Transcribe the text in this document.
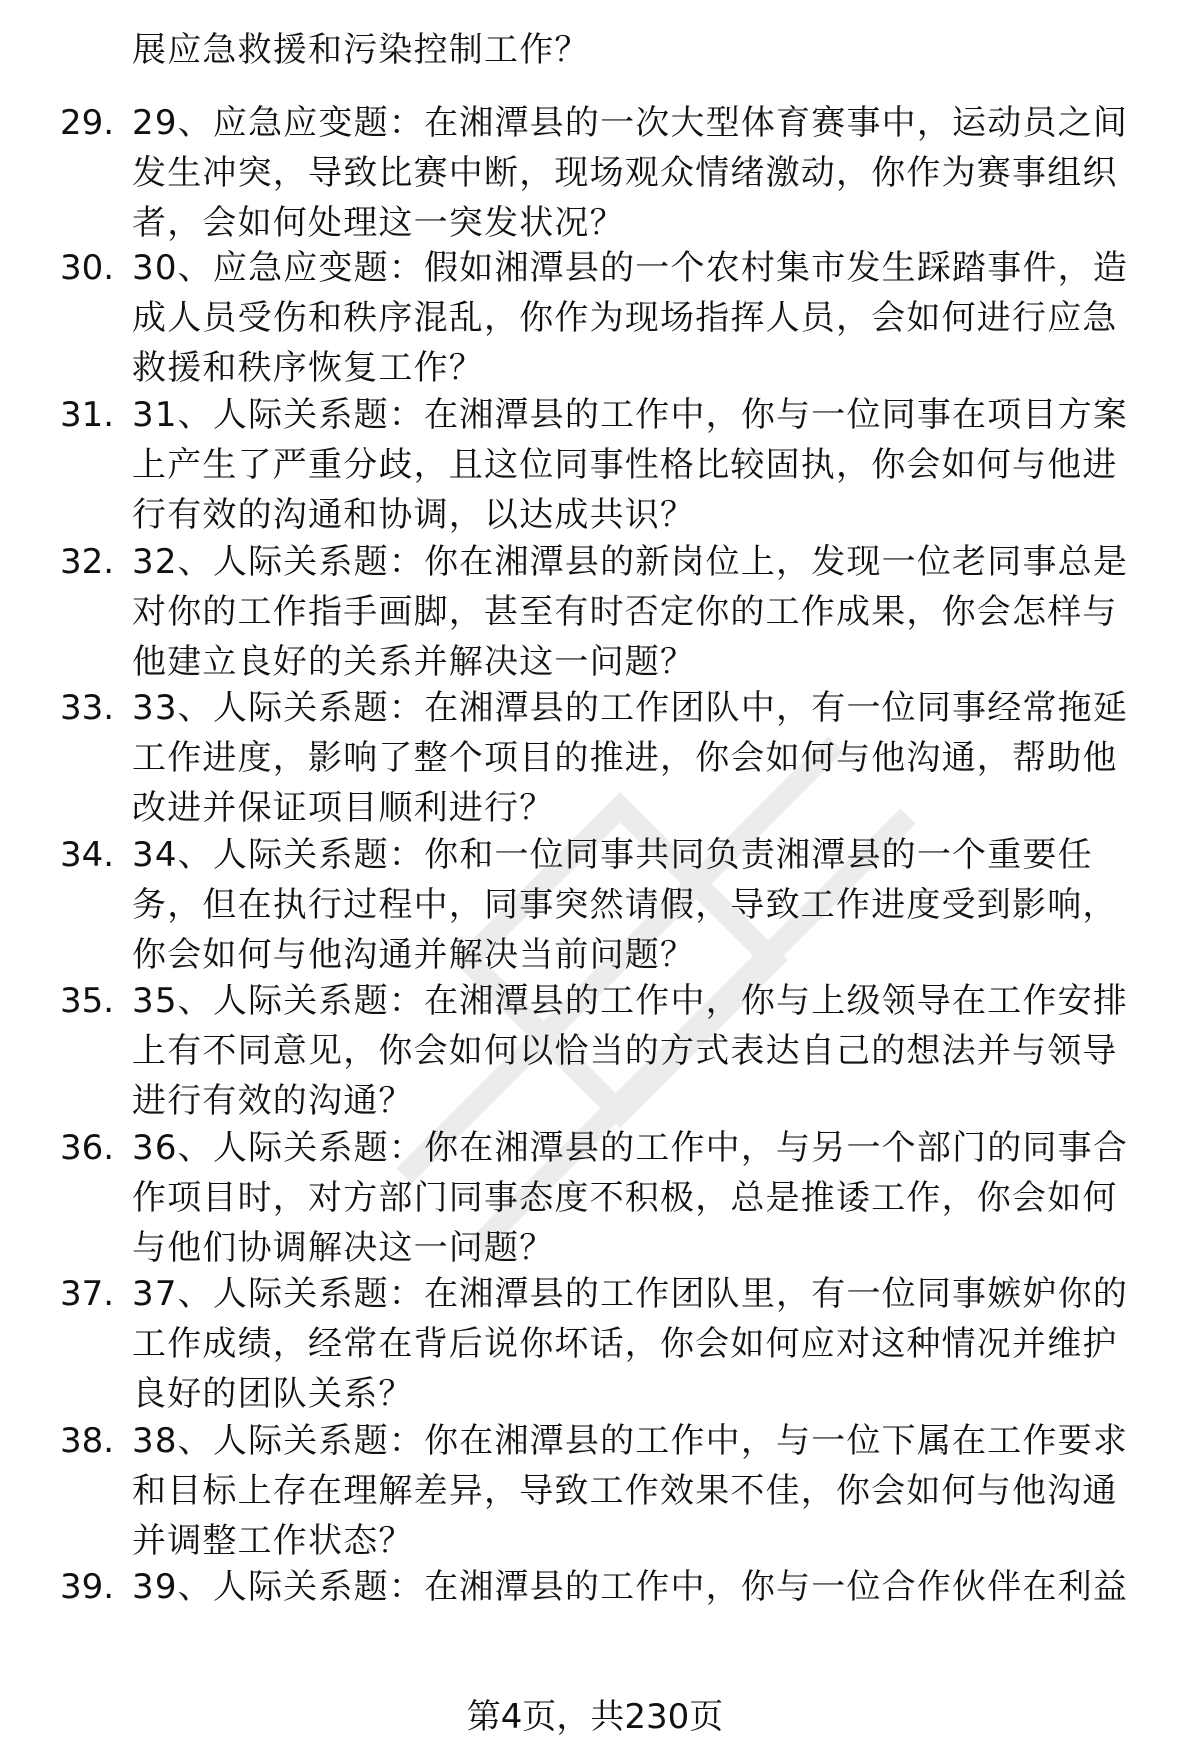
展应急救援和污染控制工作？
29. 29、应急应变题：在湘潭县的一次大型体育赛事中，运动员之间发生冲突，导致比赛中断，现场观众情绪激动，你作为赛事组织者，会如何处理这一突发状况？
30. 30、应急应变题：假如湘潭县的一个农村集市发生踩踏事件，造成人员受伤和秩序混乱，你作为现场指挥人员，会如何进行应急救援和秩序恢复工作？
31. 31、人际关系题：在湘潭县的工作中，你与一位同事在项目方案上产生了严重分歧，且这位同事性格比较固执，你会如何与他进行有效的沟通和协调，以达成共识？
32. 32、人际关系题：你在湘潭县的新岗位上，发现一位老同事总是对你的工作指手画脚，甚至有时否定你的工作成果，你会怎样与他建立良好的关系并解决这一问题？
33. 33、人际关系题：在湘潭县的工作团队中，有一位同事经常拖延工作进度，影响了整个项目的推进，你会如何与他沟通，帮助他改进并保证项目顺利进行？
34. 34、人际关系题：你和一位同事共同负责湘潭县的一个重要任务，但在执行过程中，同事突然请假，导致工作进度受到影响，你会如何与他沟通并解决当前问题？
35. 35、人际关系题：在湘潭县的工作中，你与上级领导在工作安排上有不同意见，你会如何以恰当的方式表达自己的想法并与领导进行有效的沟通？
36. 36、人际关系题：你在湘潭县的工作中，与另一个部门的同事合作项目时，对方部门同事态度不积极，总是推诿工作，你会如何与他们协调解决这一问题？
37. 37、人际关系题：在湘潭县的工作团队里，有一位同事嫉妒你的工作成绩，经常在背后说你坏话，你会如何应对这种情况并维护良好的团队关系？
38. 38、人际关系题：你在湘潭县的工作中，与一位下属在工作要求和目标上存在理解差异，导致工作效果不佳，你会如何与他沟通并调整工作状态？
39. 39、人际关系题：在湘潭县的工作中，你与一位合作伙伴在利益
第4页，共230页
